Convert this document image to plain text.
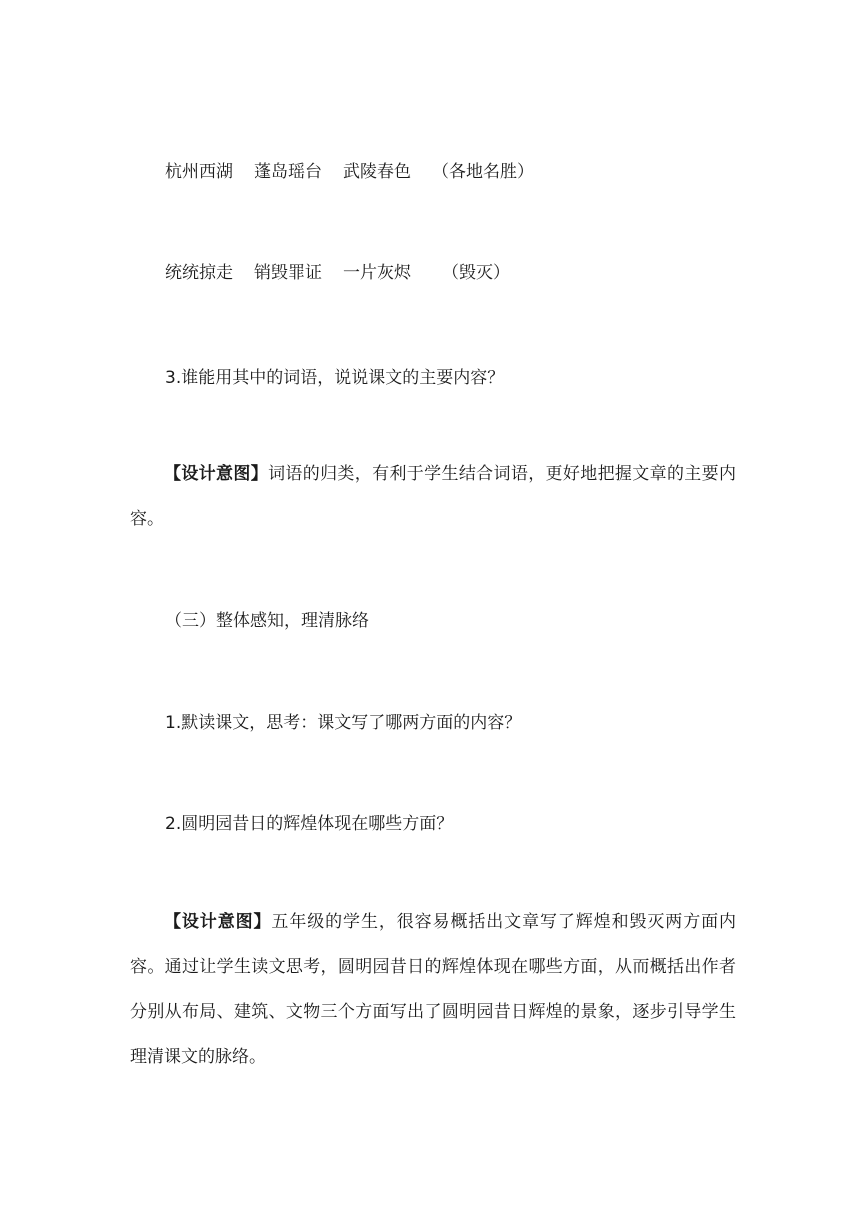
杭州西湖 蓬岛瑶台 武陵春色 （各地名胜）
统统掠走 销毁罪证 一片灰烬 （毁灭）
3.谁能用其中的词语，说说课文的主要内容？
【设计意图】词语的归类，有利于学生结合词语，更好地把握文章的主要内容。
（三）整体感知，理清脉络
1.默读课文，思考：课文写了哪两方面的内容？
2.圆明园昔日的辉煌体现在哪些方面？
【设计意图】五年级的学生，很容易概括出文章写了辉煌和毁灭两方面内容。通过让学生读文思考，圆明园昔日的辉煌体现在哪些方面，从而概括出作者分别从布局、建筑、文物三个方面写出了圆明园昔日辉煌的景象，逐步引导学生理清课文的脉络。
